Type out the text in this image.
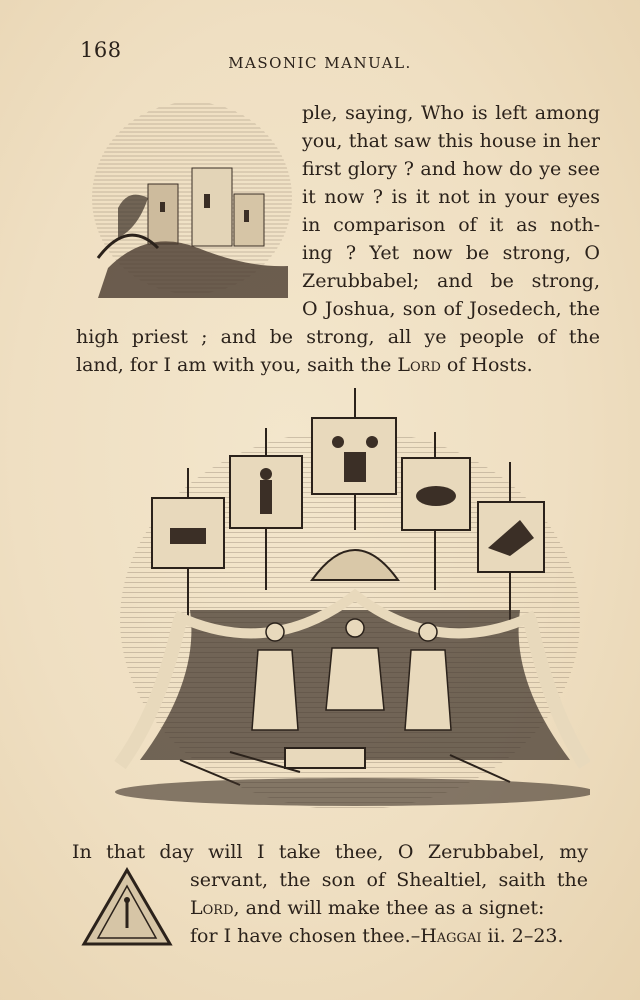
168
MASONIC MANUAL.
ple, saying, Who is left among
you, that saw this house in her
first glory ? and how do ye see
it now ? is it not in your eyes
in comparison of it as noth-
ing ? Yet now be strong, O
Zerubbabel; and be strong,
O Joshua, son of Josedech, the
high priest ; and be strong, all ye people of the
land, for I am with you, saith the Lord of Hosts.
In that day will I take thee, O Zerubbabel, my
servant, the son of Shealtiel, saith the
Lord, and will make thee as a signet:
for I have chosen thee.–Haggai ii. 2–23.
